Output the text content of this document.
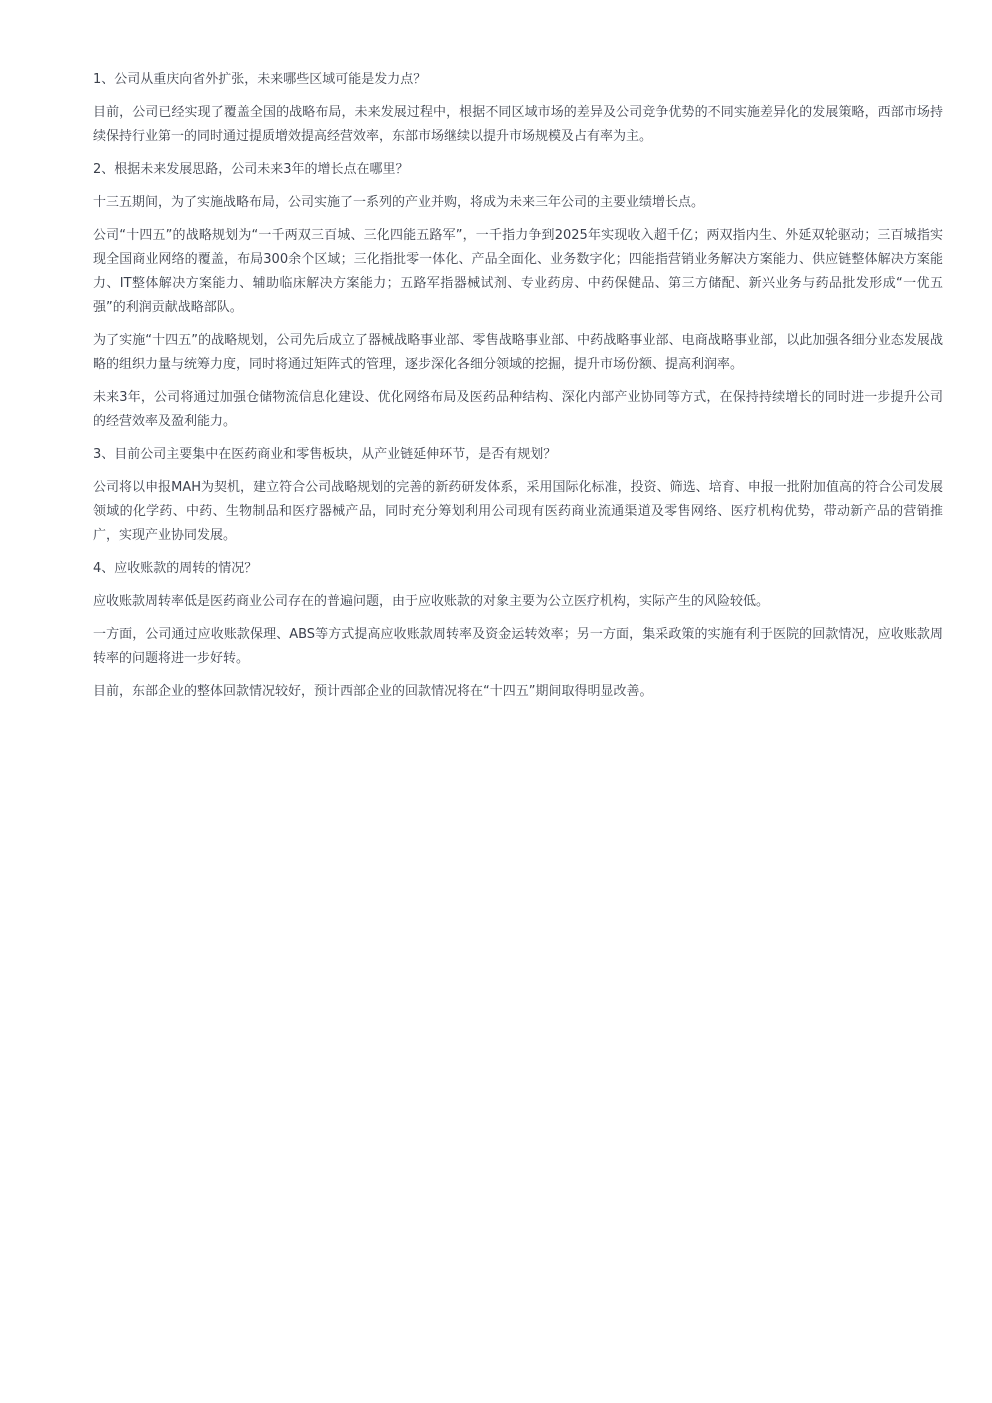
1、公司从重庆向省外扩张，未来哪些区域可能是发力点？

目前，公司已经实现了覆盖全国的战略布局，未来发展过程中，根据不同区域市场的差异及公司竞争优势的不同实施差异化的发展策略，西部市场持续保持行业第一的同时通过提质增效提高经营效率，东部市场继续以提升市场规模及占有率为主。

2、根据未来发展思路，公司未来3年的增长点在哪里？

十三五期间，为了实施战略布局，公司实施了一系列的产业并购，将成为未来三年公司的主要业绩增长点。

公司“十四五”的战略规划为“一千两双三百城、三化四能五路军”，一千指力争到2025年实现收入超千亿；两双指内生、外延双轮驱动；三百城指实现全国商业网络的覆盖，布局300余个区域；三化指批零一体化、产品全面化、业务数字化；四能指营销业务解决方案能力、供应链整体解决方案能力、IT整体解决方案能力、辅助临床解决方案能力；五路军指器械试剂、专业药房、中药保健品、第三方储配、新兴业务与药品批发形成“一优五强”的利润贡献战略部队。

为了实施“十四五”的战略规划，公司先后成立了器械战略事业部、零售战略事业部、中药战略事业部、电商战略事业部，以此加强各细分业态发展战略的组织力量与统筹力度，同时将通过矩阵式的管理，逐步深化各细分领域的挖掘，提升市场份额、提高利润率。

未来3年，公司将通过加强仓储物流信息化建设、优化网络布局及医药品种结构、深化内部产业协同等方式，在保持持续增长的同时进一步提升公司的经营效率及盈利能力。

3、目前公司主要集中在医药商业和零售板块，从产业链延伸环节，是否有规划？

公司将以申报MAH为契机，建立符合公司战略规划的完善的新药研发体系，采用国际化标准，投资、筛选、培育、申报一批附加值高的符合公司发展领域的化学药、中药、生物制品和医疗器械产品，同时充分筹划利用公司现有医药商业流通渠道及零售网络、医疗机构优势，带动新产品的营销推广，实现产业协同发展。

4、应收账款的周转的情况？

应收账款周转率低是医药商业公司存在的普遍问题，由于应收账款的对象主要为公立医疗机构，实际产生的风险较低。

一方面，公司通过应收账款保理、ABS等方式提高应收账款周转率及资金运转效率；另一方面，集采政策的实施有利于医院的回款情况，应收账款周转率的问题将进一步好转。

目前，东部企业的整体回款情况较好，预计西部企业的回款情况将在“十四五”期间取得明显改善。
